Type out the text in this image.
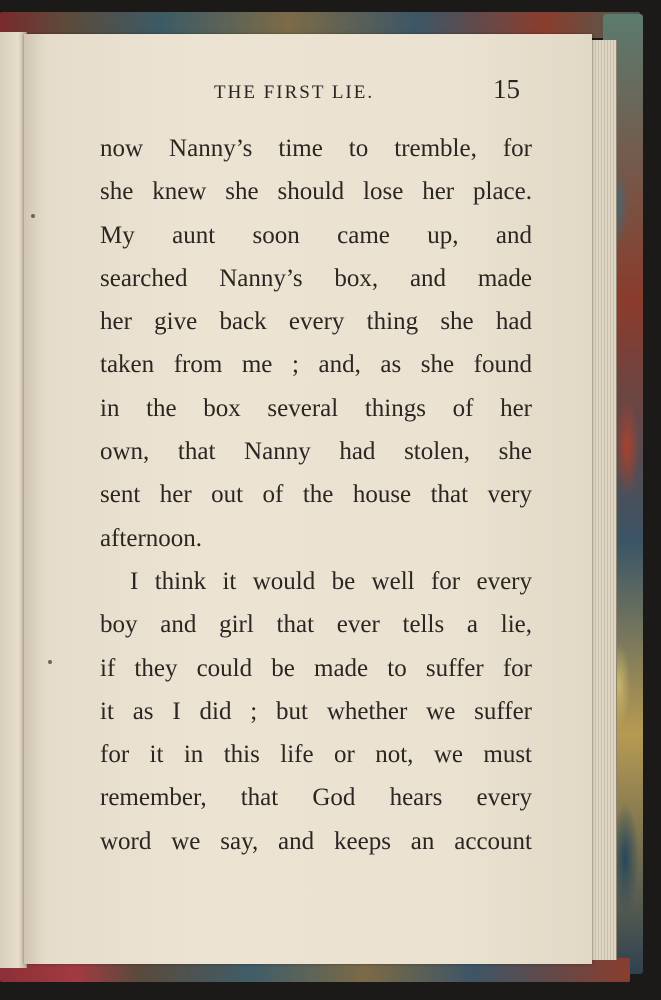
THE FIRST LIE.	15
now Nanny’s time to tremble, for
she knew she should lose her place.
My aunt soon came up, and
searched Nanny’s box, and made
her give back every thing she had
taken from me ; and, as she found
in the box several things of her
own, that Nanny had stolen, she
sent her out of the house that very
afternoon.
I think it would be well for every
boy and girl that ever tells a lie,
if they could be made to suffer for
it as I did ; but whether we suffer
for it in this life or not, we must
remember, that God hears every
word we say, and keeps an account
